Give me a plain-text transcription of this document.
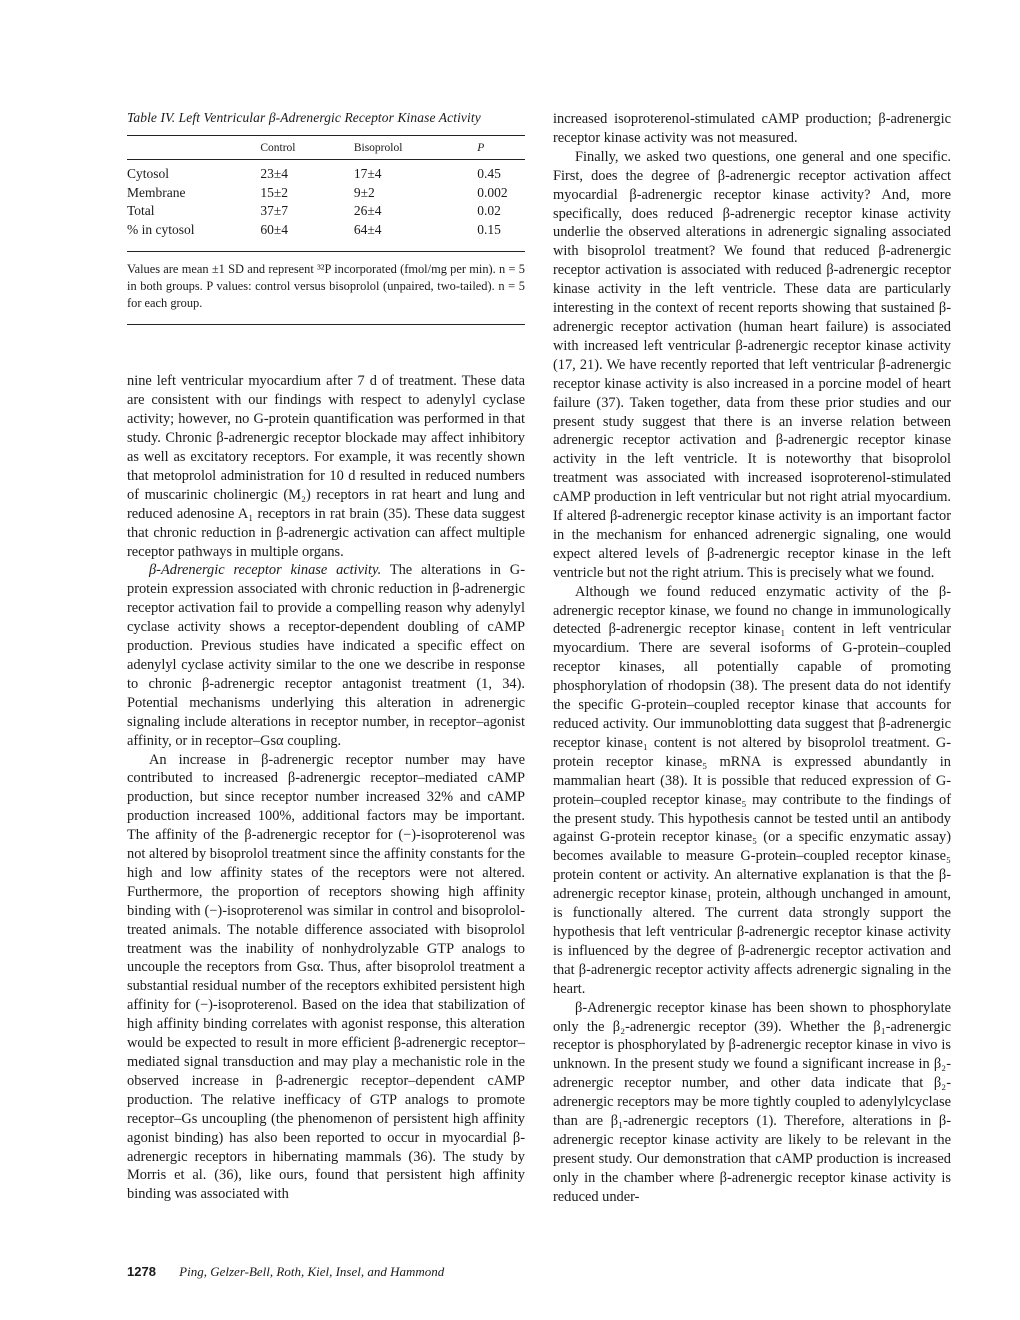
Table IV. Left Ventricular β-Adrenergic Receptor Kinase Activity
	Control	Bisoprolol	P

Cytosol	23±4	17±4	0.45
Membrane	15±2	9±2	0.002
Total	37±7	26±4	0.02
% in cytosol	60±4	64±4	0.15
Values are mean ±1 SD and represent ³²P incorporated (fmol/mg per min). n = 5 in both groups. P values: control versus bisoprolol (unpaired, two-tailed). n = 5 for each group.

nine left ventricular myocardium after 7 d of treatment. These data are consistent with our findings with respect to adenylyl cyclase activity; however, no G-protein quantification was performed in that study. Chronic β-adrenergic receptor blockade may affect inhibitory as well as excitatory receptors. For example, it was recently shown that metoprolol administration for 10 d resulted in reduced numbers of muscarinic cholinergic (M₂) receptors in rat heart and lung and reduced adenosine A₁ receptors in rat brain (35). These data suggest that chronic reduction in β-adrenergic activation can affect multiple receptor pathways in multiple organs.

β-Adrenergic receptor kinase activity. The alterations in G-protein expression associated with chronic reduction in β-adrenergic receptor activation fail to provide a compelling reason why adenylyl cyclase activity shows a receptor-dependent doubling of cAMP production. Previous studies have indicated a specific effect on adenylyl cyclase activity similar to the one we describe in response to chronic β-adrenergic receptor antagonist treatment (1, 34). Potential mechanisms underlying this alteration in adrenergic signaling include alterations in receptor number, in receptor–agonist affinity, or in receptor–Gsα coupling.

An increase in β-adrenergic receptor number may have contributed to increased β-adrenergic receptor–mediated cAMP production, but since receptor number increased 32% and cAMP production increased 100%, additional factors may be important. The affinity of the β-adrenergic receptor for (−)-isoproterenol was not altered by bisoprolol treatment since the affinity constants for the high and low affinity states of the receptors were not altered. Furthermore, the proportion of receptors showing high affinity binding with (−)-isoproterenol was similar in control and bisoprolol-treated animals. The notable difference associated with bisoprolol treatment was the inability of nonhydrolyzable GTP analogs to uncouple the receptors from Gsα. Thus, after bisoprolol treatment a substantial residual number of the receptors exhibited persistent high affinity for (−)-isoproterenol. Based on the idea that stabilization of high affinity binding correlates with agonist response, this alteration would be expected to result in more efficient β-adrenergic receptor–mediated signal transduction and may play a mechanistic role in the observed increase in β-adrenergic receptor–dependent cAMP production. The relative inefficacy of GTP analogs to promote receptor–Gs uncoupling (the phenomenon of persistent high affinity agonist binding) has also been reported to occur in myocardial β-adrenergic receptors in hibernating mammals (36). The study by Morris et al. (36), like ours, found that persistent high affinity binding was associated with

increased isoproterenol-stimulated cAMP production; β-adrenergic receptor kinase activity was not measured.

Finally, we asked two questions, one general and one specific. First, does the degree of β-adrenergic receptor activation affect myocardial β-adrenergic receptor kinase activity? And, more specifically, does reduced β-adrenergic receptor kinase activity underlie the observed alterations in adrenergic signaling associated with bisoprolol treatment? We found that reduced β-adrenergic receptor activation is associated with reduced β-adrenergic receptor kinase activity in the left ventricle. These data are particularly interesting in the context of recent reports showing that sustained β-adrenergic receptor activation (human heart failure) is associated with increased left ventricular β-adrenergic receptor kinase activity (17, 21). We have recently reported that left ventricular β-adrenergic receptor kinase activity is also increased in a porcine model of heart failure (37). Taken together, data from these prior studies and our present study suggest that there is an inverse relation between adrenergic receptor activation and β-adrenergic receptor kinase activity in the left ventricle. It is noteworthy that bisoprolol treatment was associated with increased isoproterenol-stimulated cAMP production in left ventricular but not right atrial myocardium. If altered β-adrenergic receptor kinase activity is an important factor in the mechanism for enhanced adrenergic signaling, one would expect altered levels of β-adrenergic receptor kinase in the left ventricle but not the right atrium. This is precisely what we found.

Although we found reduced enzymatic activity of the β-adrenergic receptor kinase, we found no change in immunologically detected β-adrenergic receptor kinase₁ content in left ventricular myocardium. There are several isoforms of G-protein–coupled receptor kinases, all potentially capable of promoting phosphorylation of rhodopsin (38). The present data do not identify the specific G-protein–coupled receptor kinase that accounts for reduced activity. Our immunoblotting data suggest that β-adrenergic receptor kinase₁ content is not altered by bisoprolol treatment. G-protein receptor kinase₅ mRNA is expressed abundantly in mammalian heart (38). It is possible that reduced expression of G-protein–coupled receptor kinase₅ may contribute to the findings of the present study. This hypothesis cannot be tested until an antibody against G-protein receptor kinase₅ (or a specific enzymatic assay) becomes available to measure G-protein–coupled receptor kinase₅ protein content or activity. An alternative explanation is that the β-adrenergic receptor kinase₁ protein, although unchanged in amount, is functionally altered. The current data strongly support the hypothesis that left ventricular β-adrenergic receptor kinase activity is influenced by the degree of β-adrenergic receptor activation and that β-adrenergic receptor activity affects adrenergic signaling in the heart.

β-Adrenergic receptor kinase has been shown to phosphorylate only the β₂-adrenergic receptor (39). Whether the β₁-adrenergic receptor is phosphorylated by β-adrenergic receptor kinase in vivo is unknown. In the present study we found a significant increase in β₂-adrenergic receptor number, and other data indicate that β₂-adrenergic receptors may be more tightly coupled to adenylylcyclase than are β₁-adrenergic receptors (1). Therefore, alterations in β-adrenergic receptor kinase activity are likely to be relevant in the present study. Our demonstration that cAMP production is increased only in the chamber where β-adrenergic receptor kinase activity is reduced under-

1278 Ping, Gelzer-Bell, Roth, Kiel, Insel, and Hammond
